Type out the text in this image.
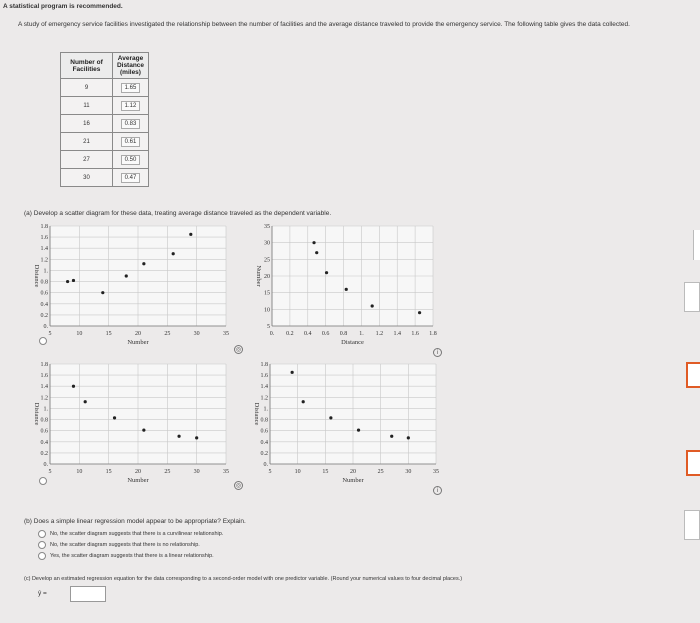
A statistical program is recommended.
A study of emergency service facilities investigated the relationship between the number of facilities and the average distance traveled to provide the emergency service. The following table gives the data collected.
Number of Facilities	Average Distance (miles)
9	1.65
11	1.12
16	0.83
21	0.61
27	0.50
30	0.47
(a) Develop a scatter diagram for these data, treating average distance traveled as the dependent variable.
5	10	15	20	25	30	35
1.8
1.6
1.4
1.2
1.
0.8
0.6
0.4
0.2
0.
Number
Distance
0. 0.2 0.4 0.6 0.8 1. 1.2 1.4 1.6 1.8
35
30
25
20
15
10
5
Distance
Number
5	10	15	20	25	30	35
1.8
1.6
1.4
1.2
1.
0.8
0.6
0.4
0.2
0.
Number
Distance
5	10	15	20	25	30	35
1.8
1.6
1.4
1.2
1.
0.8
0.6
0.4
0.2
0.
Number
Distance
◎	i
◎
i
(b) Does a simple linear regression model appear to be appropriate? Explain.
No, the scatter diagram suggests that there is a curvilinear relationship.
No, the scatter diagram suggests that there is no relationship.
Yes, the scatter diagram suggests that there is a linear relationship.
(c) Develop an estimated regression equation for the data corresponding to a second-order model with one predictor variable. (Round your numerical values to four decimal places.)
ŷ =
